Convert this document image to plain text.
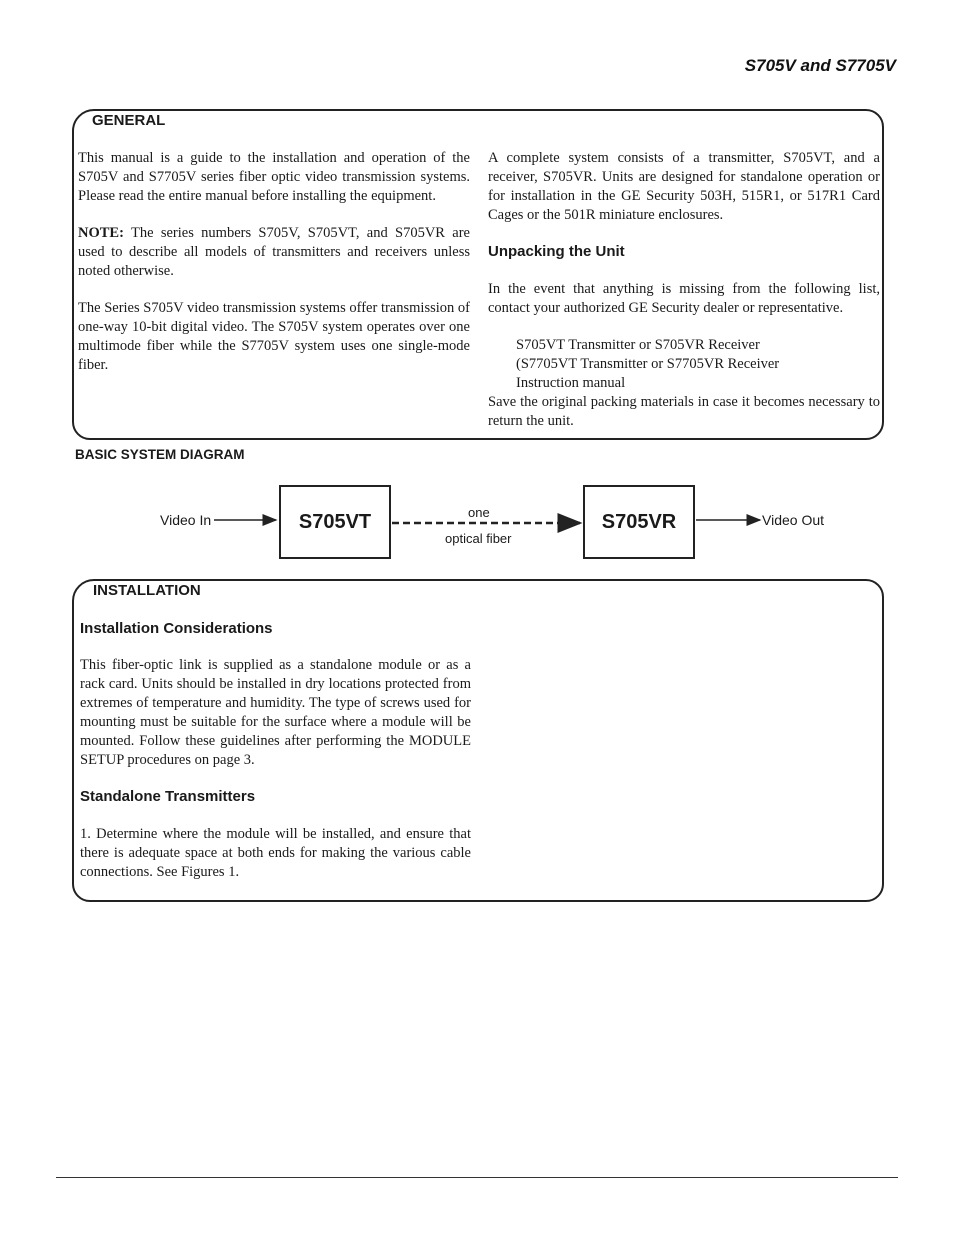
S705V and S7705V
GENERAL

This manual is a guide to the installation and operation of the S705V and S7705V series fiber optic video transmission systems. Please read the entire manual before installing the equipment.

NOTE: The series numbers S705V, S705VT, and S705VR are used to describe all models of transmitters and receivers unless noted otherwise.

The Series S705V video transmission systems offer transmission of one-way 10-bit digital video. The S705V system operates over one multimode fiber while the S7705V system uses one single-mode fiber.

A complete system consists of a transmitter, S705VT, and a receiver, S705VR. Units are designed for standalone operation or for installation in the GE Security 503H, 515R1, or 517R1 Card Cages or the 501R miniature enclosures.

Unpacking the Unit

In the event that anything is missing from the following list, contact your authorized GE Security dealer or representative.

S705VT Transmitter or S705VR Receiver

(S7705VT Transmitter or S7705VR Receiver

Instruction manual

Save the original packing materials in case it becomes necessary to return the unit.

BASIC SYSTEM DIAGRAM
Video In	S705VT	one
optical fiber
S705VR	Video Out
INSTALLATION
Installation Considerations
This fiber-optic link is supplied as a standalone module or as a rack card. Units should be installed in dry locations protected from extremes of temperature and humidity. The type of screws used for mounting must be suitable for the surface where a module will be mounted. Follow these guidelines after performing the MODULE SETUP procedures on page 3.
Standalone Transmitters
1. Determine where the module will be installed, and ensure that there is adequate space at both ends for making the various cable connections. See Figures 1.
